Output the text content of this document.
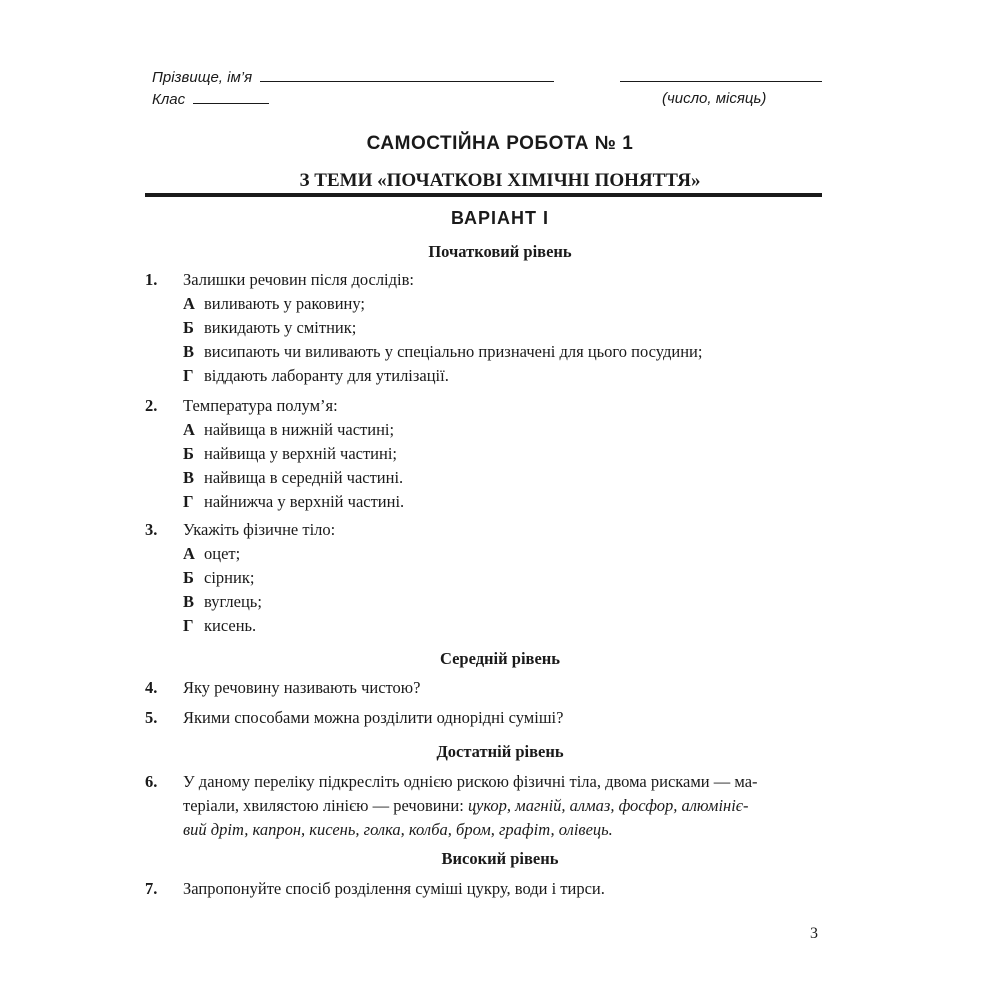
Прізвище, ім’я
Клас	(число, місяць)
САМОСТІЙНА РОБОТА № 1
З ТЕМИ «ПОЧАТКОВІ ХІМІЧНІ ПОНЯТТЯ»
ВАРІАНТ І
Початковий рівень
1.	Залишки речовин після дослідів:
А виливають у раковину;
Б викидають у смітник;
В висипають чи виливають у спеціально призначені для цього посудини;
Г віддають лаборанту для утилізації.
2.	Температура полум’я:
А найвища в нижній частині;
Б найвища у верхній частині;
В найвища в середній частині.
Г найнижча у верхній частині.
3.	Укажіть фізичне тіло:
А оцет;
Б сірник;
В вуглець;
Г кисень.
Середній рівень
4.	Яку речовину називають чистою?
5.	Якими способами можна розділити однорідні суміші?
Достатній рівень
6.	У даному переліку підкресліть однією рискою фізичні тіла, двома рисками — ма-
теріали, хвилястою лінією — речовини: цукор, магній, алмаз, фосфор, алюмініє-
вий дріт, капрон, кисень, голка, колба, бром, графіт, олівець.
Високий рівень
7.	Запропонуйте спосіб розділення суміші цукру, води і тирси.
3
